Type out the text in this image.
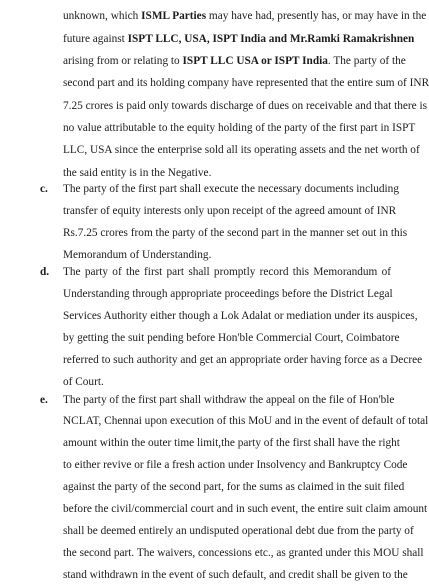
unknown, which ISML Parties may have had, presently has, or may have in the
future against ISPT LLC, USA, ISPT India and Mr.Ramki Ramakrishnen
arising from or relating to ISPT LLC USA or ISPT India. The party of the
second part and its holding company have represented that the entire sum of INR
7.25 crores is paid only towards discharge of dues on receivable and that there is
no value attributable to the equity holding of the party of the first part in ISPT
LLC, USA since the enterprise sold all its operating assets and the net worth of
the said entity is in the Negative.
c. The party of the first part shall execute the necessary documents including
transfer of equity interests only upon receipt of the agreed amount of INR
Rs.7.25 crores from the party of the second part in the manner set out in this
Memorandum of Understanding.
d. The party of the first part shall promptly record this Memorandum of
Understanding through appropriate proceedings before the District Legal
Services Authority either though a Lok Adalat or mediation under its auspices,
by getting the suit pending before Hon'ble Commercial Court, Coimbatore
referred to such authority and get an appropriate order having force as a Decree
of Court.
e. The party of the first part shall withdraw the appeal on the file of Hon'ble
NCLAT, Chennai upon execution of this MoU and in the event of default of total
amount within the outer time limit,the party of the first shall have the right
to either revive or file a fresh action under Insolvency and Bankruptcy Code
against the party of the second part, for the sums as claimed in the suit filed
before the civil/commercial court and in such event, the entire suit claim amount
shall be deemed entirely an undisputed operational debt due from the party of
the second part. The waivers, concessions etc., as granted under this MOU shall
stand withdrawn in the event of such default, and credit shall be given to the
